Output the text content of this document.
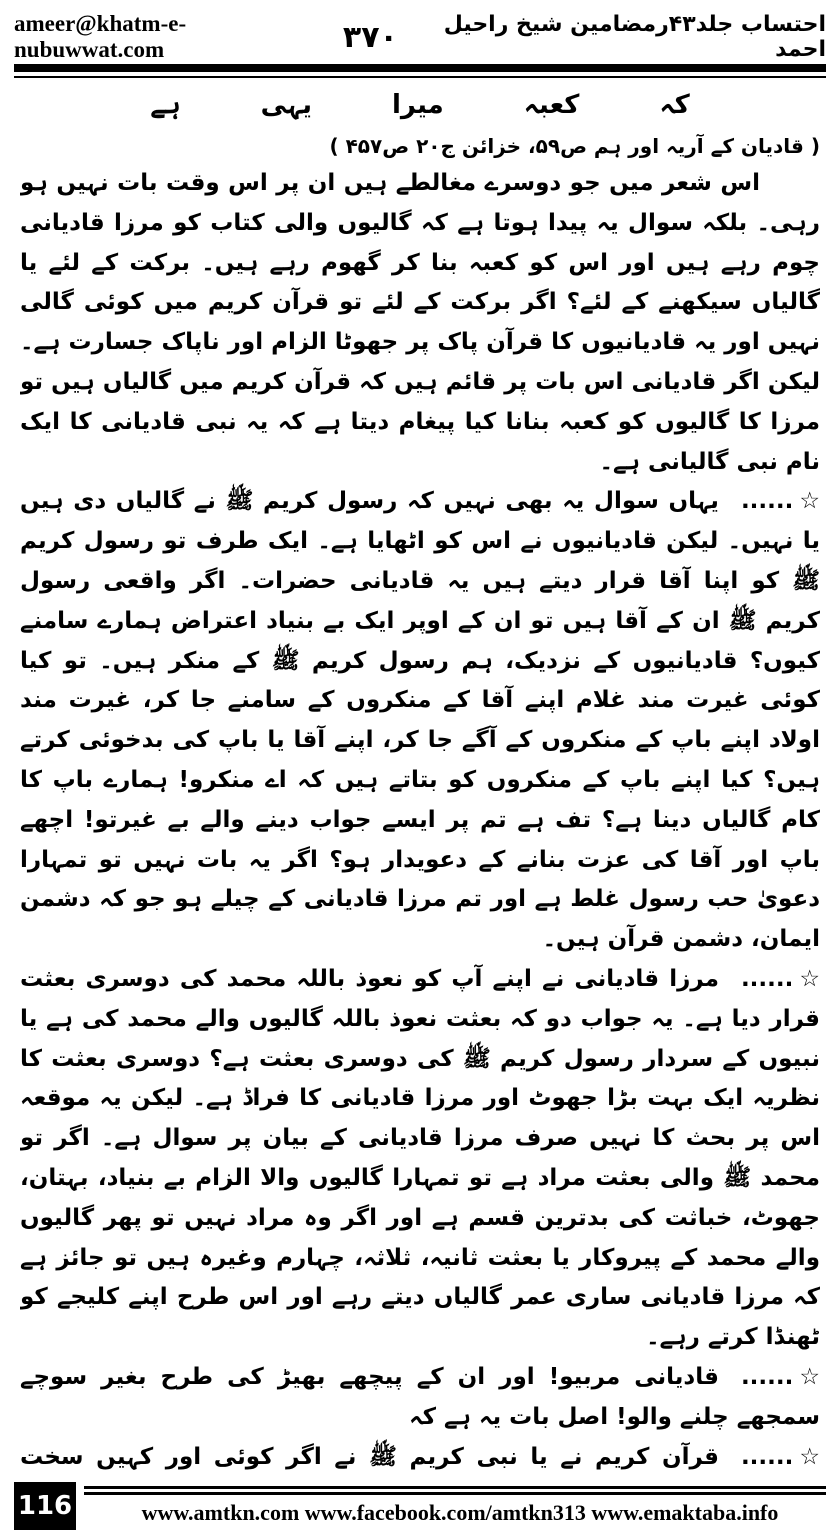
ameer@khatm-e-nubuwwat.com	۳۷۰	احتساب جلد۴۳رمضامین شیخ راحیل احمد
کہ
کعبہ
میرا
یہی
ہے
( قادیان کے آریہ اور ہم ص۵۹، خزائن ج۲۰ ص۴۵۷ )

اس شعر میں جو دوسرے مغالطے ہیں ان پر اس وقت بات نہیں ہو رہی۔ بلکہ سوال یہ پیدا ہوتا ہے کہ گالیوں والی کتاب کو مرزا قادیانی چوم رہے ہیں اور اس کو کعبہ بنا کر گھوم رہے ہیں۔ برکت کے لئے یا گالیاں سیکھنے کے لئے؟ اگر برکت کے لئے تو قرآن کریم میں کوئی گالی نہیں اور یہ قادیانیوں کا قرآن پاک پر جھوٹا الزام اور ناپاک جسارت ہے۔ لیکن اگر قادیانی اس بات پر قائم ہیں کہ قرآن کریم میں گالیاں ہیں تو مرزا کا گالیوں کو کعبہ بنانا کیا پیغام دیتا ہے کہ یہ نبی قادیانی کا ایک نام نبی گالیانی ہے۔

☆......یہاں سوال یہ بھی نہیں کہ رسول کریم ﷺ نے گالیاں دی ہیں یا نہیں۔ لیکن قادیانیوں نے اس کو اٹھایا ہے۔ ایک طرف تو رسول کریم ﷺ کو اپنا آقا قرار دیتے ہیں یہ قادیانی حضرات۔ اگر واقعی رسول کریم ﷺ ان کے آقا ہیں تو ان کے اوپر ایک بے بنیاد اعتراض ہمارے سامنے کیوں؟ قادیانیوں کے نزدیک، ہم رسول کریم ﷺ کے منکر ہیں۔ تو کیا کوئی غیرت مند غلام اپنے آقا کے منکروں کے سامنے جا کر، غیرت مند اولاد اپنے باپ کے منکروں کے آگے جا کر، اپنے آقا یا باپ کی بدخوئی کرتے ہیں؟ کیا اپنے باپ کے منکروں کو بتاتے ہیں کہ اے منکرو! ہمارے باپ کا کام گالیاں دینا ہے؟ تف ہے تم پر ایسے جواب دینے والے بے غیرتو! اچھے باپ اور آقا کی عزت بنانے کے دعویدار ہو؟ اگر یہ بات نہیں تو تمہارا دعویٰ حب رسول غلط ہے اور تم مرزا قادیانی کے چیلے ہو جو کہ دشمن ایمان، دشمن قرآن ہیں۔

☆......مرزا قادیانی نے اپنے آپ کو نعوذ باللہ محمد کی دوسری بعثت قرار دیا ہے۔ یہ جواب دو کہ بعثت نعوذ باللہ گالیوں والے محمد کی ہے یا نبیوں کے سردار رسول کریم ﷺ کی دوسری بعثت ہے؟ دوسری بعثت کا نظریہ ایک بہت بڑا جھوٹ اور مرزا قادیانی کا فراڈ ہے۔ لیکن یہ موقعہ اس پر بحث کا نہیں صرف مرزا قادیانی کے بیان پر سوال ہے۔ اگر تو محمد ﷺ والی بعثت مراد ہے تو تمہارا گالیوں والا الزام بے بنیاد، بہتان، جھوٹ، خباثت کی بدترین قسم ہے اور اگر وہ مراد نہیں تو پھر گالیوں والے محمد کے پیروکار یا بعثت ثانیہ، ثلاثہ، چہارم وغیرہ ہیں تو جائز ہے کہ مرزا قادیانی ساری عمر گالیاں دیتے رہے اور اس طرح اپنے کلیجے کو ٹھنڈا کرتے رہے۔

☆......قادیانی مربیو! اور ان کے پیچھے بھیڑ کی طرح بغیر سوچے سمجھے چلنے والو! اصل بات یہ ہے کہ

☆......قرآن کریم نے یا نبی کریم ﷺ نے اگر کوئی اور کہیں سخت

116	www.amtkn.com www.facebook.com/amtkn313 www.emaktaba.info
